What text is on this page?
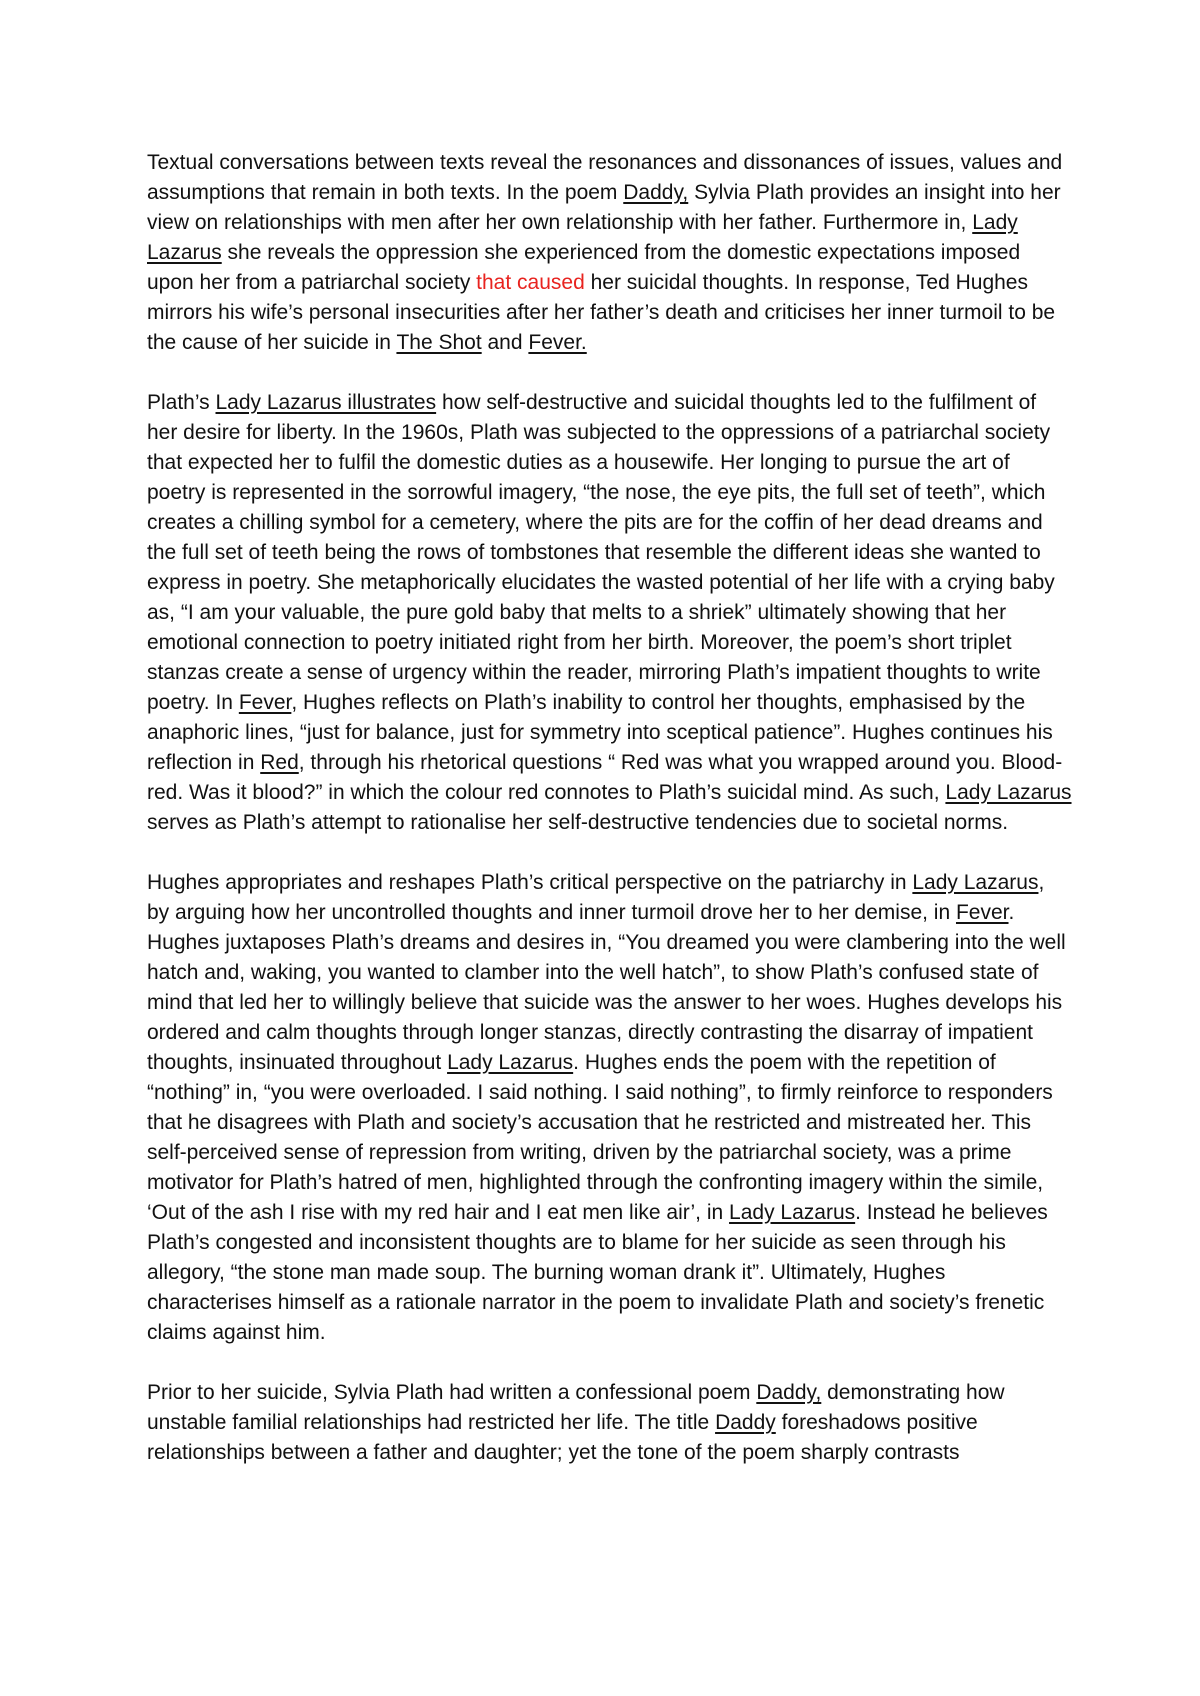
Textual conversations between texts reveal the resonances and dissonances of issues, values and assumptions that remain in both texts. In the poem Daddy, Sylvia Plath provides an insight into her view on relationships with men after her own relationship with her father. Furthermore in, Lady Lazarus she reveals the oppression she experienced from the domestic expectations imposed upon her from a patriarchal society that caused her suicidal thoughts. In response, Ted Hughes mirrors his wife’s personal insecurities after her father’s death and criticises her inner turmoil to be the cause of her suicide in The Shot and Fever.

Plath’s Lady Lazarus illustrates how self-destructive and suicidal thoughts led to the fulfilment of her desire for liberty. In the 1960s, Plath was subjected to the oppressions of a patriarchal society that expected her to fulfil the domestic duties as a housewife. Her longing to pursue the art of poetry is represented in the sorrowful imagery, “the nose, the eye pits, the full set of teeth”, which creates a chilling symbol for a cemetery, where the pits are for the coffin of her dead dreams and the full set of teeth being the rows of tombstones that resemble the different ideas she wanted to express in poetry. She metaphorically elucidates the wasted potential of her life with a crying baby as, “I am your valuable, the pure gold baby that melts to a shriek” ultimately showing that her emotional connection to poetry initiated right from her birth. Moreover, the poem’s short triplet stanzas create a sense of urgency within the reader, mirroring Plath’s impatient thoughts to write poetry. In Fever, Hughes reflects on Plath’s inability to control her thoughts, emphasised by the anaphoric lines, “just for balance, just for symmetry into sceptical patience”. Hughes continues his reflection in Red, through his rhetorical questions “ Red was what you wrapped around you. Blood-red. Was it blood?” in which the colour red connotes to Plath’s suicidal mind. As such, Lady Lazarus serves as Plath’s attempt to rationalise her self-destructive tendencies due to societal norms.

Hughes appropriates and reshapes Plath’s critical perspective on the patriarchy in Lady Lazarus, by arguing how her uncontrolled thoughts and inner turmoil drove her to her demise, in Fever. Hughes juxtaposes Plath’s dreams and desires in, “You dreamed you were clambering into the well hatch and, waking, you wanted to clamber into the well hatch”, to show Plath’s confused state of mind that led her to willingly believe that suicide was the answer to her woes. Hughes develops his ordered and calm thoughts through longer stanzas, directly contrasting the disarray of impatient thoughts, insinuated throughout Lady Lazarus. Hughes ends the poem with the repetition of “nothing” in, “you were overloaded. I said nothing. I said nothing”, to firmly reinforce to responders that he disagrees with Plath and society’s accusation that he restricted and mistreated her. This self-perceived sense of repression from writing, driven by the patriarchal society, was a prime motivator for Plath’s hatred of men, highlighted through the confronting imagery within the simile, ‘Out of the ash I rise with my red hair and I eat men like air’, in Lady Lazarus. Instead he believes Plath’s congested and inconsistent thoughts are to blame for her suicide as seen through his allegory, “the stone man made soup. The burning woman drank it”. Ultimately, Hughes characterises himself as a rationale narrator in the poem to invalidate Plath and society’s frenetic claims against him.

Prior to her suicide, Sylvia Plath had written a confessional poem Daddy, demonstrating how unstable familial relationships had restricted her life. The title Daddy foreshadows positive relationships between a father and daughter; yet the tone of the poem sharply contrasts
